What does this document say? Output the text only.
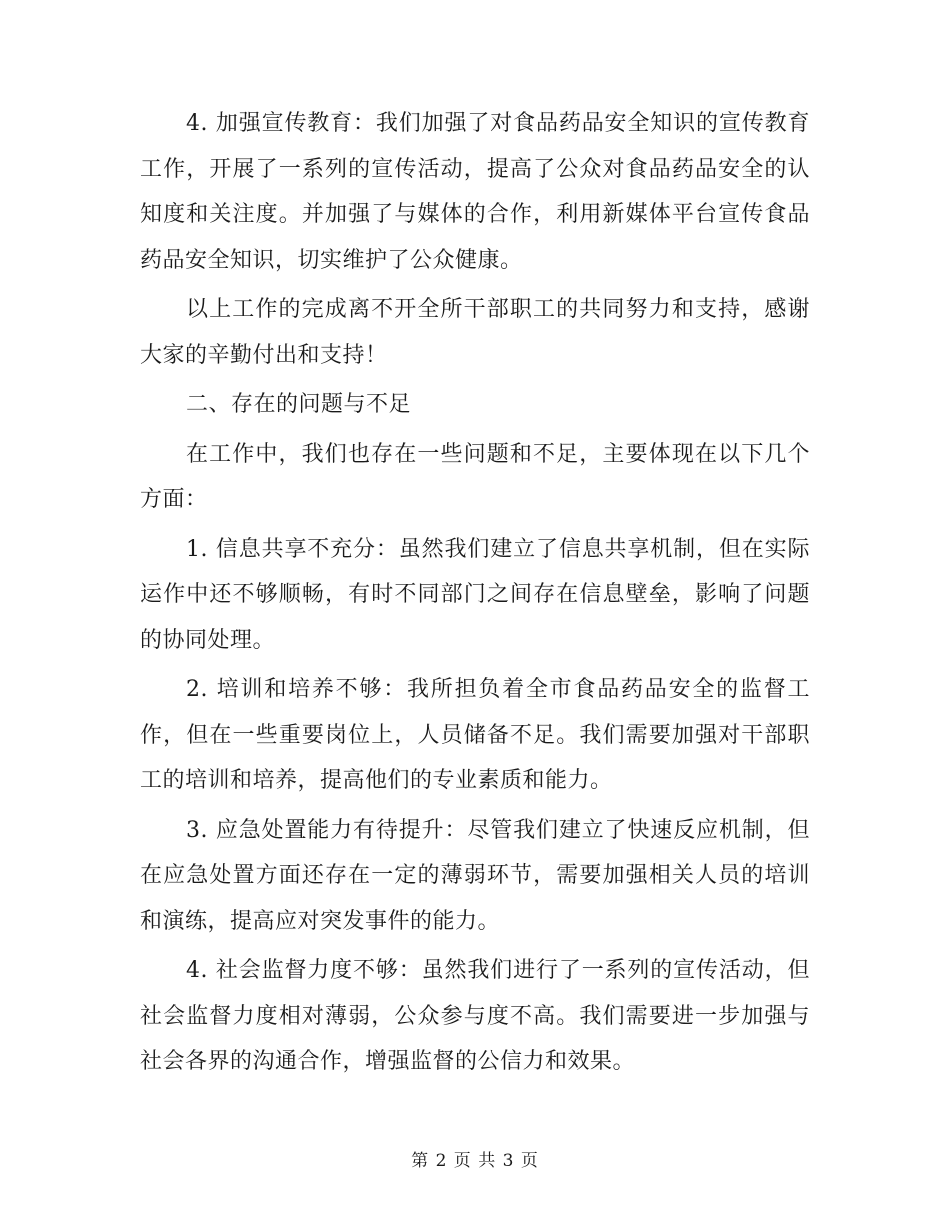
4. 加强宣传教育：我们加强了对食品药品安全知识的宣传教育工作，开展了一系列的宣传活动，提高了公众对食品药品安全的认知度和关注度。并加强了与媒体的合作，利用新媒体平台宣传食品药品安全知识，切实维护了公众健康。

以上工作的完成离不开全所干部职工的共同努力和支持，感谢大家的辛勤付出和支持！

二、存在的问题与不足

在工作中，我们也存在一些问题和不足，主要体现在以下几个方面：

1. 信息共享不充分：虽然我们建立了信息共享机制，但在实际运作中还不够顺畅，有时不同部门之间存在信息壁垒，影响了问题的协同处理。

2. 培训和培养不够：我所担负着全市食品药品安全的监督工作，但在一些重要岗位上，人员储备不足。我们需要加强对干部职工的培训和培养，提高他们的专业素质和能力。

3. 应急处置能力有待提升：尽管我们建立了快速反应机制，但在应急处置方面还存在一定的薄弱环节，需要加强相关人员的培训和演练，提高应对突发事件的能力。

4. 社会监督力度不够：虽然我们进行了一系列的宣传活动，但社会监督力度相对薄弱，公众参与度不高。我们需要进一步加强与社会各界的沟通合作，增强监督的公信力和效果。

第 2 页 共 3 页
